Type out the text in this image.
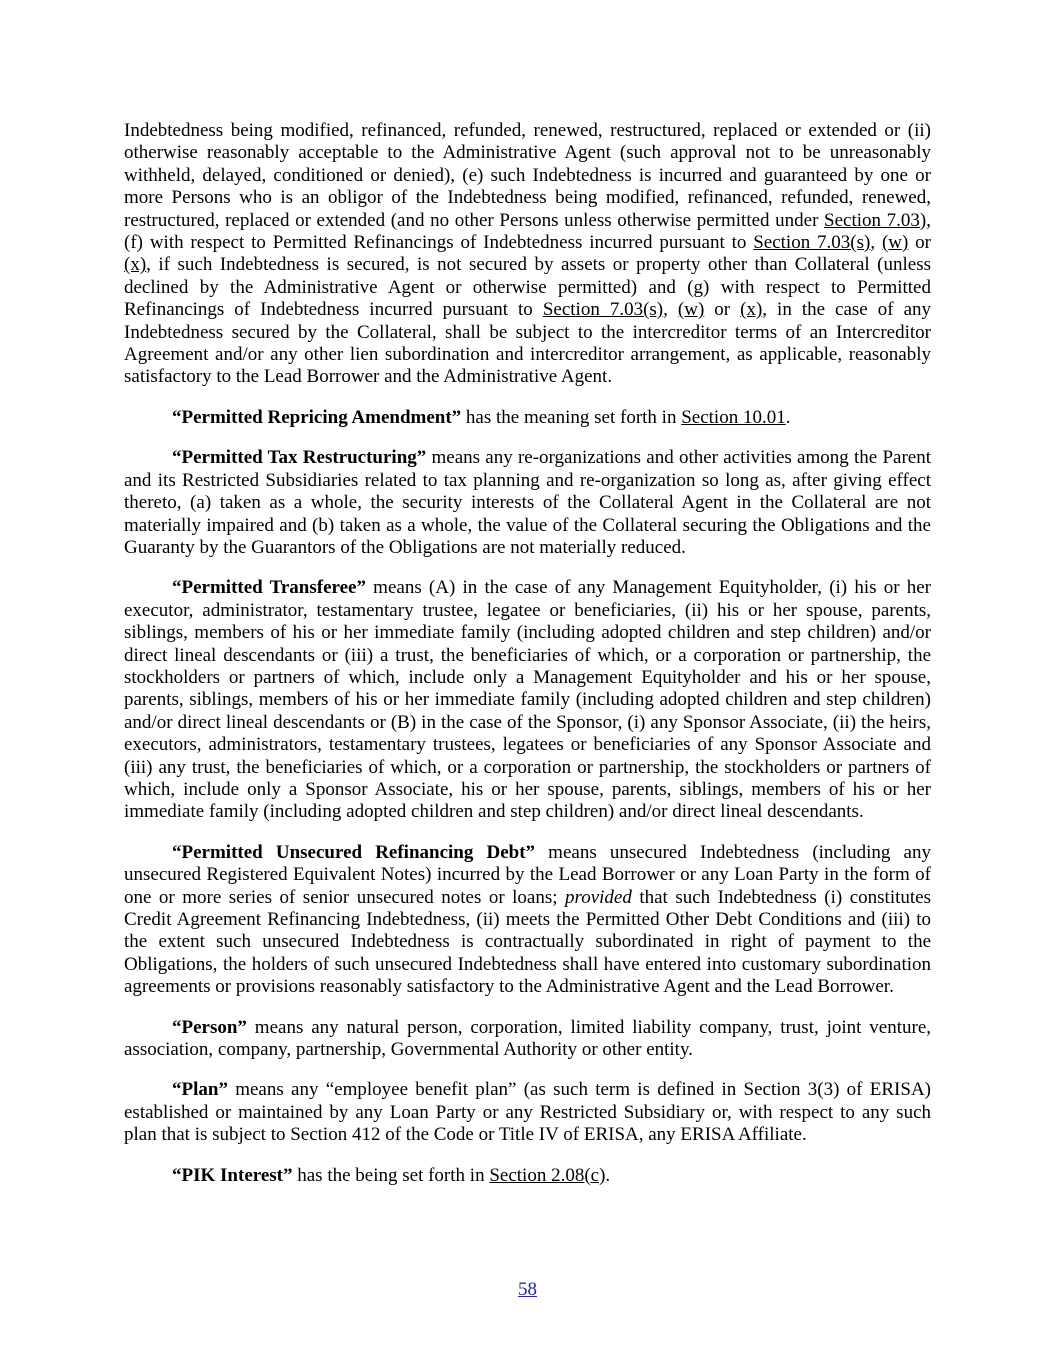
Indebtedness being modified, refinanced, refunded, renewed, restructured, replaced or extended or (ii) otherwise reasonably acceptable to the Administrative Agent (such approval not to be unreasonably withheld, delayed, conditioned or denied), (e) such Indebtedness is incurred and guaranteed by one or more Persons who is an obligor of the Indebtedness being modified, refinanced, refunded, renewed, restructured, replaced or extended (and no other Persons unless otherwise permitted under Section 7.03), (f) with respect to Permitted Refinancings of Indebtedness incurred pursuant to Section 7.03(s), (w) or (x), if such Indebtedness is secured, is not secured by assets or property other than Collateral (unless declined by the Administrative Agent or otherwise permitted) and (g) with respect to Permitted Refinancings of Indebtedness incurred pursuant to Section 7.03(s), (w) or (x), in the case of any Indebtedness secured by the Collateral, shall be subject to the intercreditor terms of an Intercreditor Agreement and/or any other lien subordination and intercreditor arrangement, as applicable, reasonably satisfactory to the Lead Borrower and the Administrative Agent.

“Permitted Repricing Amendment” has the meaning set forth in Section 10.01.

“Permitted Tax Restructuring” means any re-organizations and other activities among the Parent and its Restricted Subsidiaries related to tax planning and re-organization so long as, after giving effect thereto, (a) taken as a whole, the security interests of the Collateral Agent in the Collateral are not materially impaired and (b) taken as a whole, the value of the Collateral securing the Obligations and the Guaranty by the Guarantors of the Obligations are not materially reduced.

“Permitted Transferee” means (A) in the case of any Management Equityholder, (i) his or her executor, administrator, testamentary trustee, legatee or beneficiaries, (ii) his or her spouse, parents, siblings, members of his or her immediate family (including adopted children and step children) and/or direct lineal descendants or (iii) a trust, the beneficiaries of which, or a corporation or partnership, the stockholders or partners of which, include only a Management Equityholder and his or her spouse, parents, siblings, members of his or her immediate family (including adopted children and step children) and/or direct lineal descendants or (B) in the case of the Sponsor, (i) any Sponsor Associate, (ii) the heirs, executors, administrators, testamentary trustees, legatees or beneficiaries of any Sponsor Associate and (iii) any trust, the beneficiaries of which, or a corporation or partnership, the stockholders or partners of which, include only a Sponsor Associate, his or her spouse, parents, siblings, members of his or her immediate family (including adopted children and step children) and/or direct lineal descendants.

“Permitted Unsecured Refinancing Debt” means unsecured Indebtedness (including any unsecured Registered Equivalent Notes) incurred by the Lead Borrower or any Loan Party in the form of one or more series of senior unsecured notes or loans; provided that such Indebtedness (i) constitutes Credit Agreement Refinancing Indebtedness, (ii) meets the Permitted Other Debt Conditions and (iii) to the extent such unsecured Indebtedness is contractually subordinated in right of payment to the Obligations, the holders of such unsecured Indebtedness shall have entered into customary subordination agreements or provisions reasonably satisfactory to the Administrative Agent and the Lead Borrower.

“Person” means any natural person, corporation, limited liability company, trust, joint venture, association, company, partnership, Governmental Authority or other entity.

“Plan” means any “employee benefit plan” (as such term is defined in Section 3(3) of ERISA) established or maintained by any Loan Party or any Restricted Subsidiary or, with respect to any such plan that is subject to Section 412 of the Code or Title IV of ERISA, any ERISA Affiliate.

“PIK Interest” has the being set forth in Section 2.08(c).

58
